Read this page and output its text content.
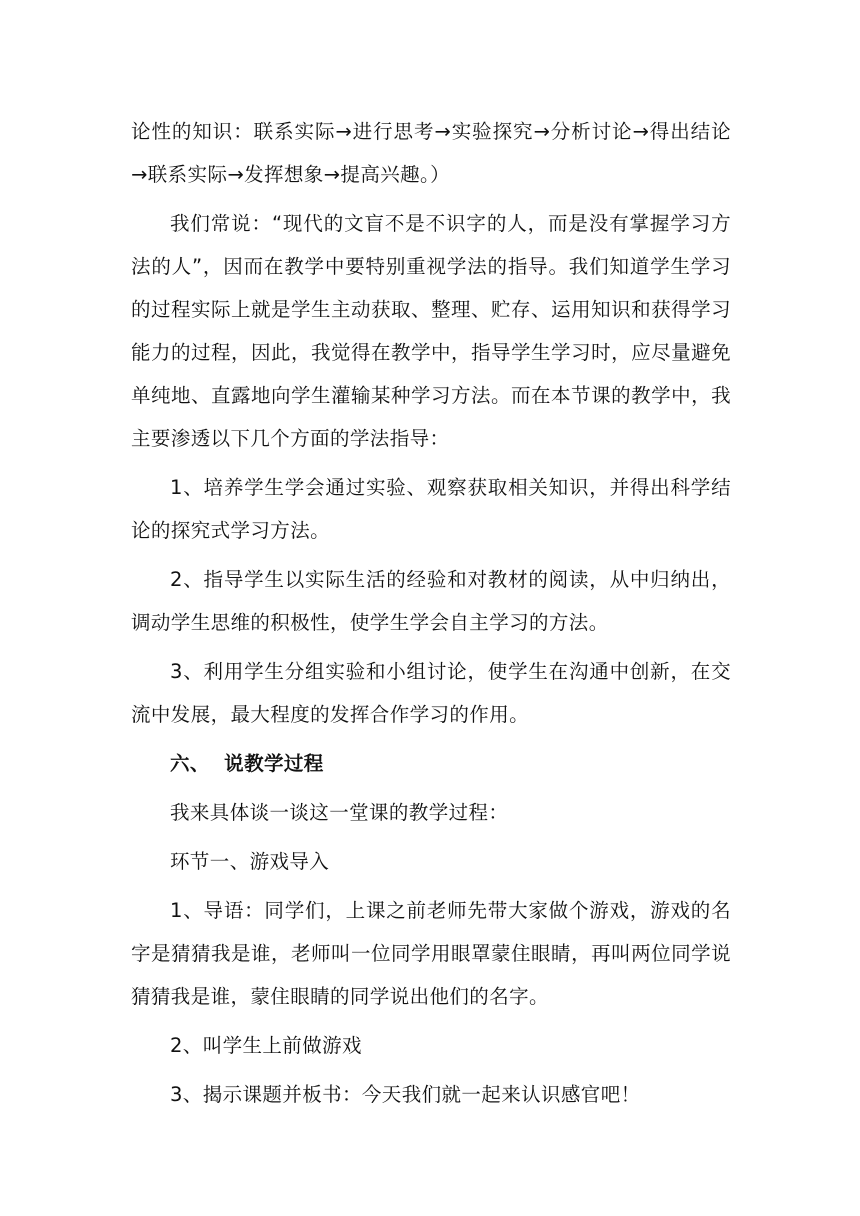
论性的知识：联系实际→进行思考→实验探究→分析讨论→得出结论→联系实际→发挥想象→提高兴趣。）

我们常说：“现代的文盲不是不识字的人，而是没有掌握学习方法的人”，因而在教学中要特别重视学法的指导。我们知道学生学习的过程实际上就是学生主动获取、整理、贮存、运用知识和获得学习能力的过程，因此，我觉得在教学中，指导学生学习时，应尽量避免单纯地、直露地向学生灌输某种学习方法。而在本节课的教学中，我主要渗透以下几个方面的学法指导：

1、培养学生学会通过实验、观察获取相关知识，并得出科学结论的探究式学习方法。

2、指导学生以实际生活的经验和对教材的阅读，从中归纳出，调动学生思维的积极性，使学生学会自主学习的方法。

3、利用学生分组实验和小组讨论，使学生在沟通中创新，在交流中发展，最大程度的发挥合作学习的作用。

六、  说教学过程

我来具体谈一谈这一堂课的教学过程：

环节一、游戏导入

1、导语：同学们，上课之前老师先带大家做个游戏，游戏的名字是猜猜我是谁，老师叫一位同学用眼罩蒙住眼睛，再叫两位同学说猜猜我是谁，蒙住眼睛的同学说出他们的名字。

2、叫学生上前做游戏

3、揭示课题并板书：今天我们就一起来认识感官吧！
